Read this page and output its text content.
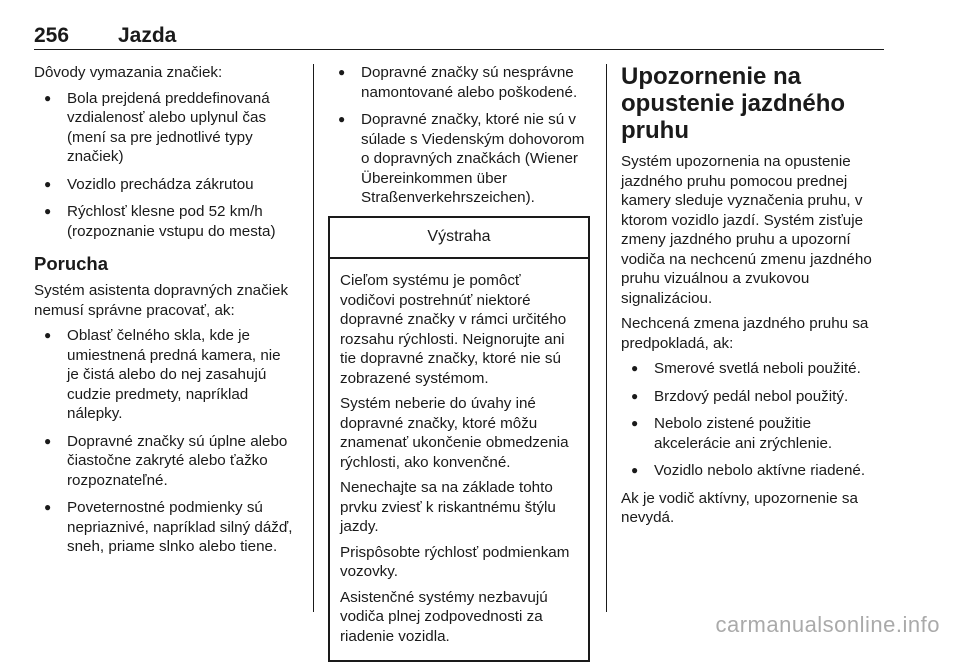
256 Jazda

Dôvody vymazania značiek:

● Bola prejdená preddefinovaná vzdialenosť alebo uplynul čas (mení sa pre jednotlivé typy značiek)
● Vozidlo prechádza zákrutou
● Rýchlosť klesne pod 52 km/h (rozpoznanie vstupu do mesta)
Porucha

Systém asistenta dopravných značiek nemusí správne pracovať, ak:

● Oblasť čelného skla, kde je umiestnená predná kamera, nie je čistá alebo do nej zasahujú cudzie predmety, napríklad nálepky.
● Dopravné značky sú úplne alebo čiastočne zakryté alebo ťažko rozpoznateľné.
● Poveternostné podmienky sú nepriaznivé, napríklad silný dážď, sneh, priame slnko alebo tiene.
● Dopravné značky sú nesprávne namontované alebo poškodené.
● Dopravné značky, ktoré nie sú v súlade s Viedenským dohovorom o dopravných značkách (Wiener Übereinkommen über Straßenverkehrszeichen).
Výstraha

Cieľom systému je pomôcť vodičovi postrehnúť niektoré dopravné značky v rámci určitého rozsahu rýchlosti. Neignorujte ani tie dopravné značky, ktoré nie sú zobrazené systémom.

Systém neberie do úvahy iné dopravné značky, ktoré môžu znamenať ukončenie obmedzenia rýchlosti, ako konvenčné.

Nenechajte sa na základe tohto prvku zviesť k riskantnému štýlu jazdy.

Prispôsobte rýchlosť podmienkam vozovky.

Asistenčné systémy nezbavujú vodiča plnej zodpovednosti za riadenie vozidla.

Upozornenie na opustenie jazdného pruhu

Systém upozornenia na opustenie jazdného pruhu pomocou prednej kamery sleduje vyznačenia pruhu, v ktorom vozidlo jazdí. Systém zisťuje zmeny jazdného pruhu a upozorní vodiča na nechcenú zmenu jazdného pruhu vizuálnou a zvukovou signalizáciou.

Nechcená zmena jazdného pruhu sa predpokladá, ak:

● Smerové svetlá neboli použité.
● Brzdový pedál nebol použitý.
● Nebolo zistené použitie akcelerácie ani zrýchlenie.
● Vozidlo nebolo aktívne riadené.

Ak je vodič aktívny, upozornenie sa nevydá.

carmanualsonline.info
